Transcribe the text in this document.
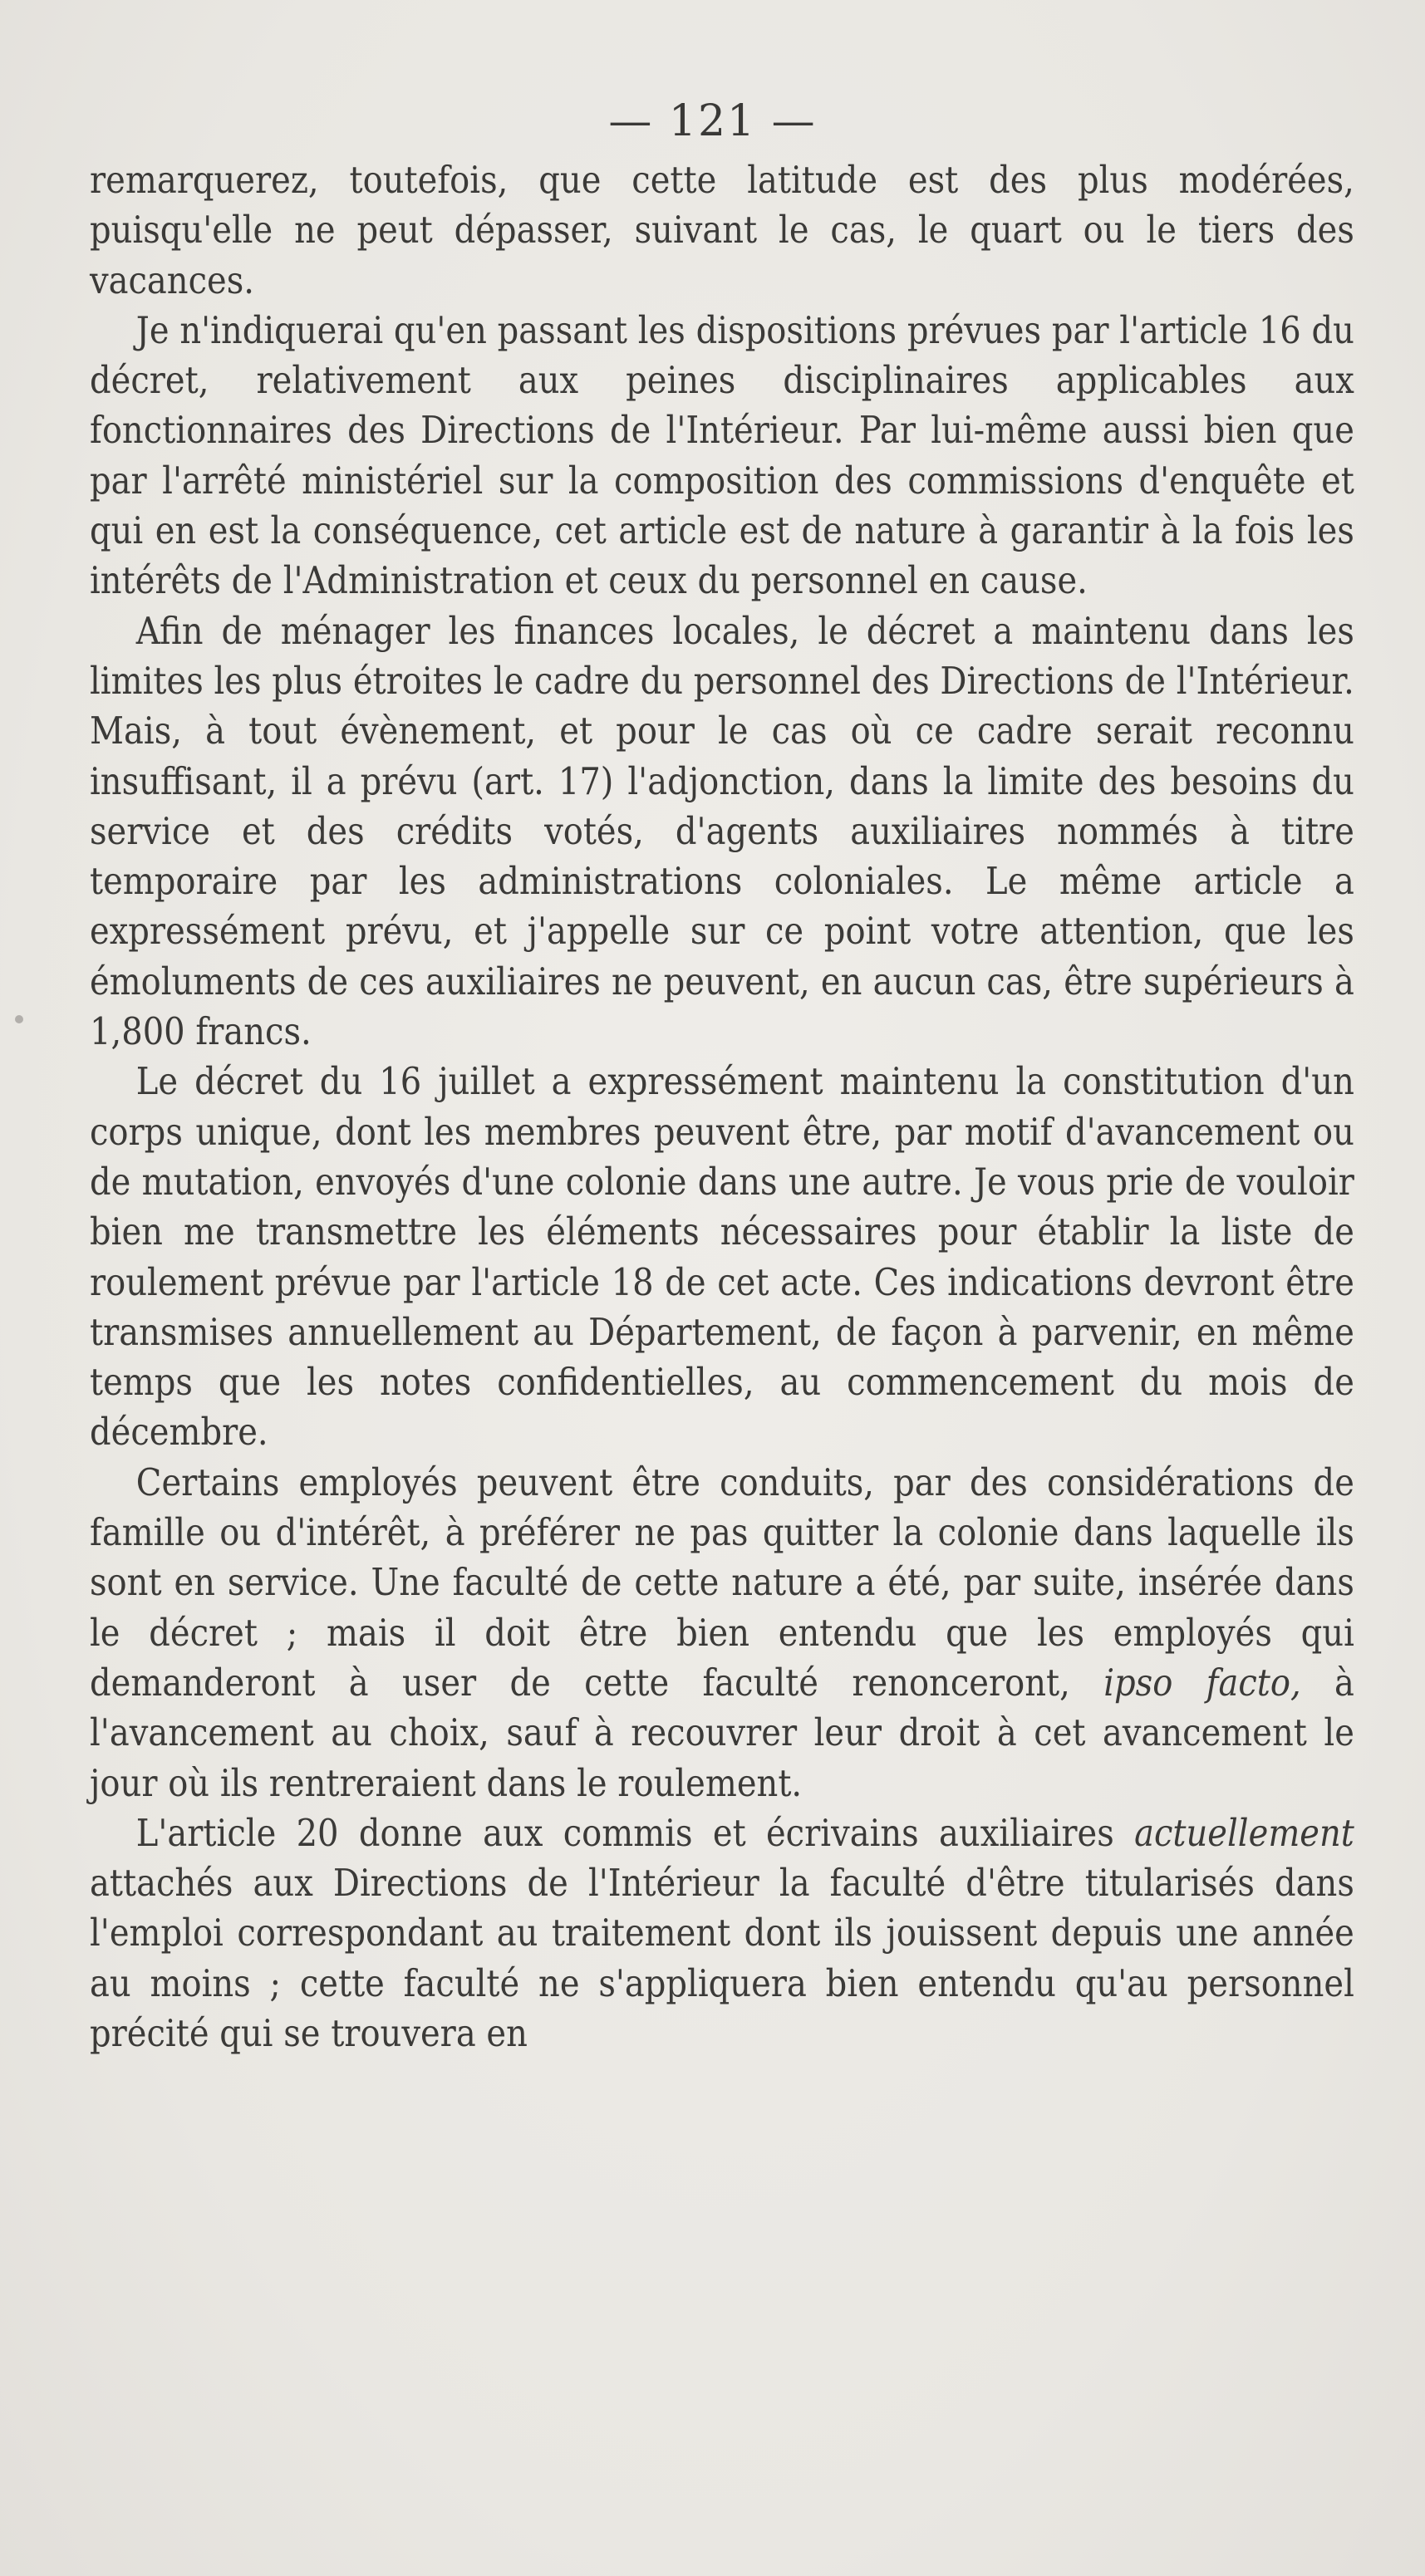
— 121 —

remarquerez, toutefois, que cette latitude est des plus modérées, puisqu'elle ne peut dépasser, suivant le cas, le quart ou le tiers des vacances.

Je n'indiquerai qu'en passant les dispositions prévues par l'article 16 du décret, relativement aux peines disciplinaires applicables aux fonctionnaires des Directions de l'Intérieur. Par lui-même aussi bien que par l'arrêté ministériel sur la composition des commissions d'enquête et qui en est la conséquence, cet article est de nature à garantir à la fois les intérêts de l'Administration et ceux du personnel en cause.

Afin de ménager les finances locales, le décret a maintenu dans les limites les plus étroites le cadre du personnel des Directions de l'Intérieur. Mais, à tout évènement, et pour le cas où ce cadre serait reconnu insuffisant, il a prévu (art. 17) l'adjonction, dans la limite des besoins du service et des crédits votés, d'agents auxiliaires nommés à titre temporaire par les administrations coloniales. Le même article a expressément prévu, et j'appelle sur ce point votre attention, que les émoluments de ces auxiliaires ne peuvent, en aucun cas, être supérieurs à 1,800 francs.

Le décret du 16 juillet a expressément maintenu la constitution d'un corps unique, dont les membres peuvent être, par motif d'avancement ou de mutation, envoyés d'une colonie dans une autre. Je vous prie de vouloir bien me transmettre les éléments nécessaires pour établir la liste de roulement prévue par l'article 18 de cet acte. Ces indications devront être transmises annuellement au Département, de façon à parvenir, en même temps que les notes confidentielles, au commencement du mois de décembre.

Certains employés peuvent être conduits, par des considérations de famille ou d'intérêt, à préférer ne pas quitter la colonie dans laquelle ils sont en service. Une faculté de cette nature a été, par suite, insérée dans le décret ; mais il doit être bien entendu que les employés qui demanderont à user de cette faculté renonceront, ipso facto, à l'avancement au choix, sauf à recouvrer leur droit à cet avancement le jour où ils rentreraient dans le roulement.

L'article 20 donne aux commis et écrivains auxiliaires actuellement attachés aux Directions de l'Intérieur la faculté d'être titularisés dans l'emploi correspondant au traitement dont ils jouissent depuis une année au moins ; cette faculté ne s'appliquera bien entendu qu'au personnel précité qui se trouvera en
